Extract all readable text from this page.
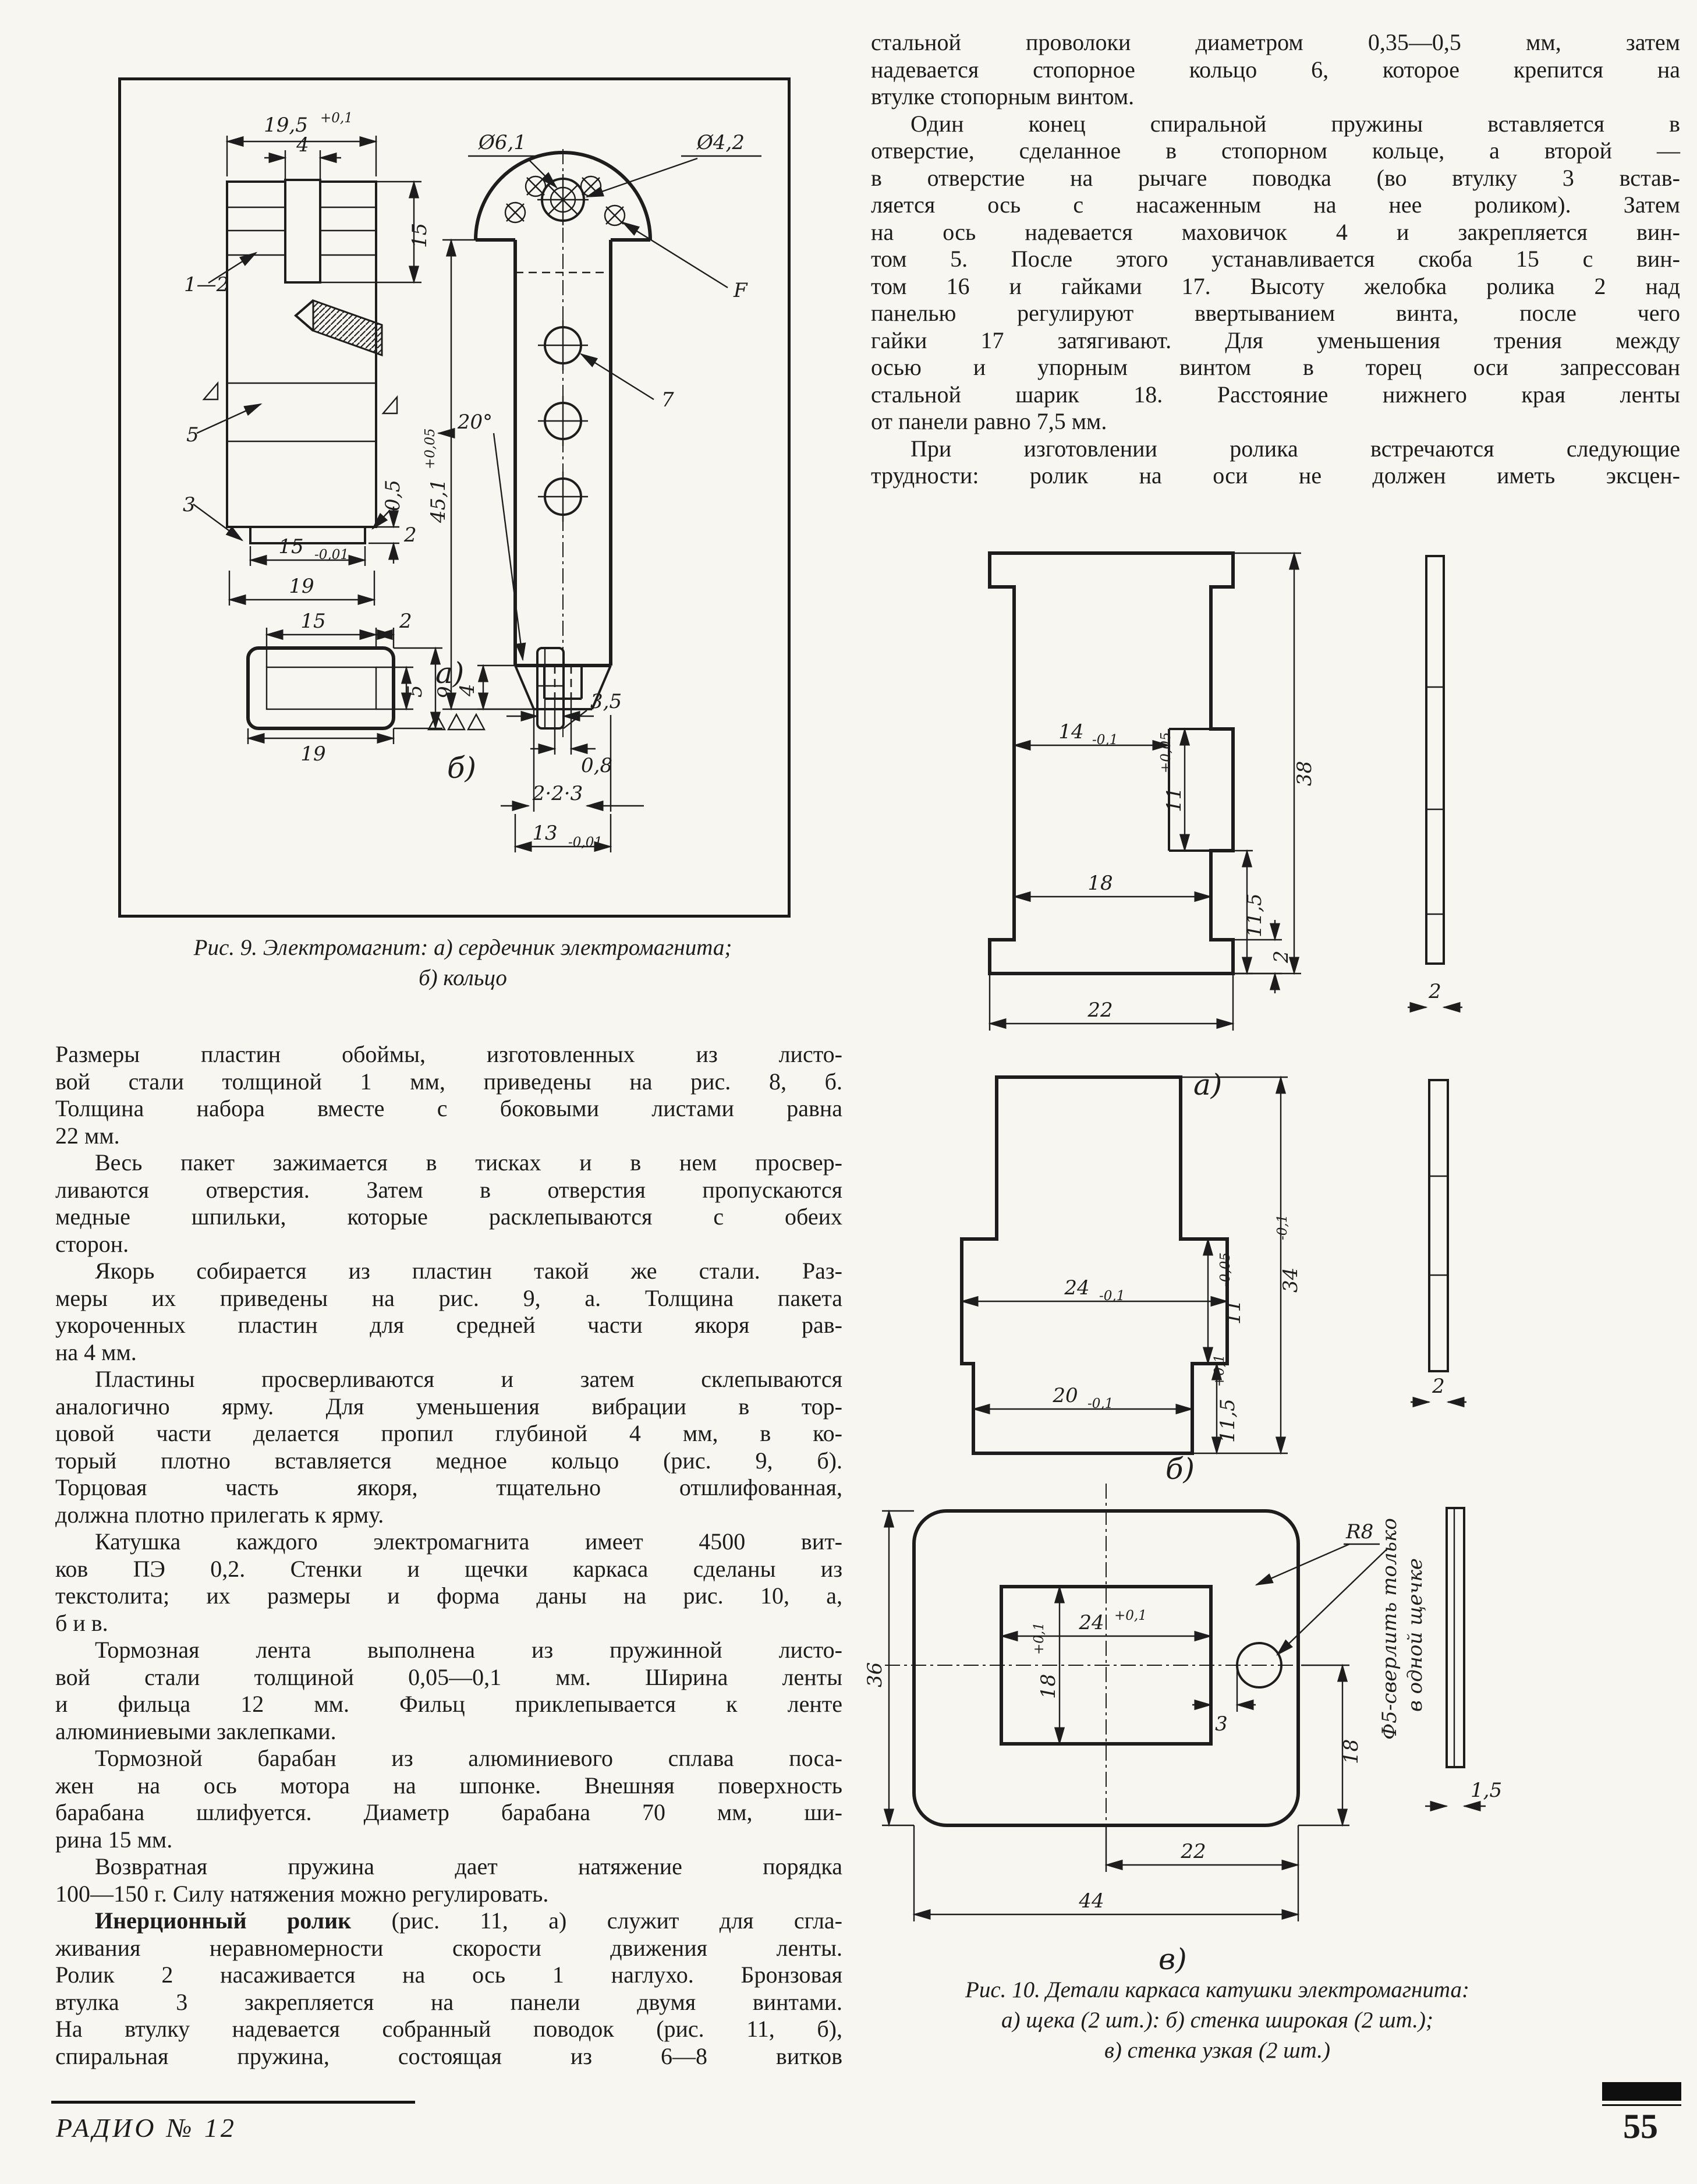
19,5 +0,1
4
15
1—2
5
3	0,5
15 -0,01
2
19
Ø6,1	Ø4,2
F
7
45,1
+0,05
20°
4
0,8
2·2·3
13 -0,01
а)
15	2
5 9
19
3,5
б)
Рис. 9. Электромагнит: а) сердечник электромагнита;
б) кольцо
Размеры пластин обоймы, изготовленных из листо-
вой стали толщиной 1 мм, приведены на рис. 8, б.
Толщина набора вместе с боковыми листами равна
22 мм.
Весь пакет зажимается в тисках и в нем просвер-
ливаются отверстия. Затем в отверстия пропускаются
медные шпильки, которые расклепываются с обеих
сторон.
Якорь собирается из пластин такой же стали. Раз-
меры их приведены на рис. 9, а. Толщина пакета
укороченных пластин для средней части якоря рав-
на 4 мм.
Пластины просверливаются и затем склепываются
аналогично ярму. Для уменьшения вибрации в тор-
цовой части делается пропил глубиной 4 мм, в ко-
торый плотно вставляется медное кольцо (рис. 9, б).
Торцовая часть якоря, тщательно отшлифованная,
должна плотно прилегать к ярму.
Катушка каждого электромагнита имеет 4500 вит-
ков ПЭ 0,2. Стенки и щечки каркаса сделаны из
текстолита; их размеры и форма даны на рис. 10, а,
б и в.
Тормозная лента выполнена из пружинной листо-
вой стали толщиной 0,05—0,1 мм. Ширина ленты
и фильца 12 мм. Фильц приклепывается к ленте
алюминиевыми заклепками.
Тормозной барабан из алюминиевого сплава поса-
жен на ось мотора на шпонке. Внешняя поверхность
барабана шлифуется. Диаметр барабана 70 мм, ши-
рина 15 мм.
Возвратная пружина дает натяжение порядка
100—150 г. Силу натяжения можно регулировать.
Инерционный ролик (рис. 11, а) служит для сгла-
живания неравномерности скорости движения ленты.
Ролик 2 насаживается на ось 1 наглухо. Бронзовая
втулка 3 закрепляется на панели двумя винтами.
На втулку надевается собранный поводок (рис. 11, б),
спиральная пружина, состоящая из 6—8 витков
стальной проволоки диаметром 0,35—0,5 мм, затем
надевается стопорное кольцо 6, которое крепится на
втулке стопорным винтом.
Один конец спиральной пружины вставляется в
отверстие, сделанное в стопорном кольце, а второй —
в отверстие на рычаге поводка (во втулку 3 встав-
ляется ось с насаженным на нее роликом). Затем
на ось надевается маховичок 4 и закрепляется вин-
том 5. После этого устанавливается скоба 15 с вин-
том 16 и гайками 17. Высоту желобка ролика 2 над
панелью регулируют ввертыванием винта, после чего
гайки 17 затягивают. Для уменьшения трения между
осью и упорным винтом в торец оси запрессован
стальной шарик 18. Расстояние нижнего края ленты
от панели равно 7,5 мм.
При изготовлении ролика встречаются следующие
трудности: ролик на оси не должен иметь эксцен-
14 -0,1
11
+0,05
18
11,5
2
38
22
2
а)
24 -0,1
11
-0,05 34
-0,1
20 -0,1	11,5
+0,1	2
б)
R8
36
24 +0,1
18
+0,1
3
18
Ф5-сверлить только в одной щечке
1,5
22
44
в)
Рис. 10. Детали каркаса катушки электромагнита:
а) щека (2 шт.): б) стенка широкая (2 шт.);
в) стенка узкая (2 шт.)
РАДИО № 12	55
